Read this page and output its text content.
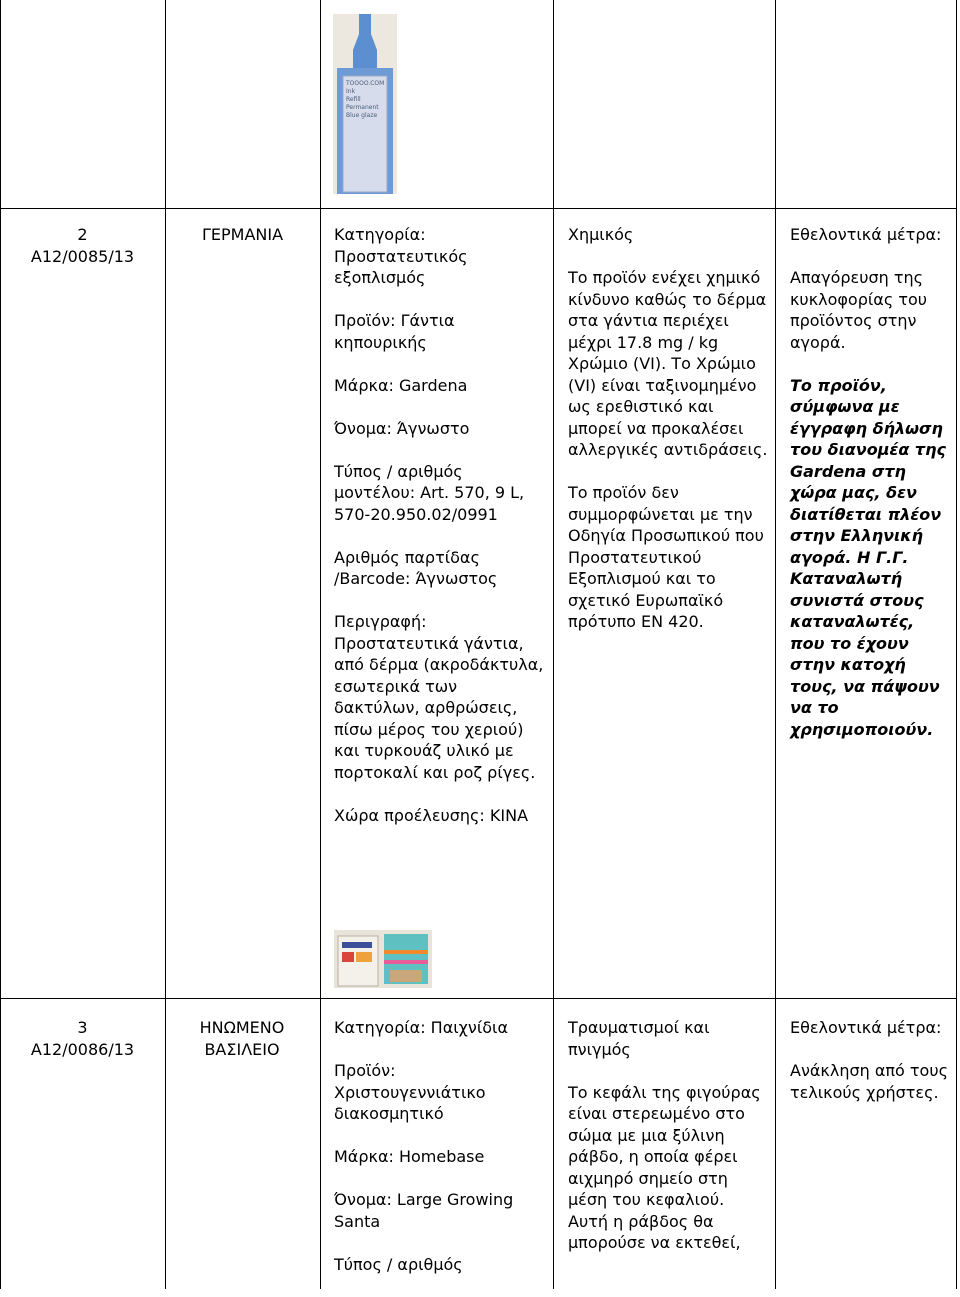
TOOOO.COM
Ink
Refill
Permanent
Blue glaze
2
A12/0085/13
ΓΕΡΜΑΝΙΑ	Κατηγορία: Προστατευτικός εξοπλισμός

Προϊόν: Γάντια κηπουρικής

Μάρκα: Gardena

Όνομα: Άγνωστο

Τύπος / αριθμός μοντέλου: Art. 570, 9 L, 570-20.950.02/0991

Αριθμός παρτίδας /Barcode: Άγνωστος

Περιγραφή: Προστατευτικά γάντια, από δέρμα (ακροδάκτυλα, εσωτερικά των δακτύλων, αρθρώσεις, πίσω μέρος του χεριού) και τυρκουάζ υλικό με πορτοκαλί και ροζ ρίγες.

Χώρα προέλευσης: ΚΙΝΑ

Χημικός

Το προϊόν ενέχει χημικό κίνδυνο καθώς το δέρμα στα γάντια περιέχει μέχρι 17.8 mg / kg Χρώμιο (VI). Το Χρώμιο (VI) είναι ταξινομημένο ως ερεθιστικό και μπορεί να προκαλέσει αλλεργικές αντιδράσεις.

Το προϊόν δεν συμμορφώνεται με την Οδηγία Προσωπικού που Προστατευτικού Εξοπλισμού και το σχετικό Ευρωπαϊκό πρότυπο EN 420.

Εθελοντικά μέτρα:

Απαγόρευση της κυκλοφορίας του προϊόντος στην αγορά.

Το προϊόν, σύμφωνα με έγγραφη δήλωση του διανομέα της Gardena στη χώρα μας, δεν διατίθεται πλέον στην Ελληνική αγορά. Η Γ.Γ. Καταναλωτή συνιστά στους καταναλωτές, που το έχουν στην κατοχή τους, να πάψουν να το χρησιμοποιούν.

3
A12/0086/13
ΗΝΩΜΕΝΟ ΒΑΣΙΛΕΙΟ

Κατηγορία: Παιχνίδια

Προϊόν: Χριστουγεννιάτικο διακοσμητικό

Μάρκα: Homebase

Όνομα: Large Growing Santa

Τύπος / αριθμός

Τραυματισμοί και πνιγμός

Το κεφάλι της φιγούρας είναι στερεωμένο στο σώμα με μια ξύλινη ράβδο, η οποία φέρει αιχμηρό σημείο στη μέση του κεφαλιού. Αυτή η ράβδος θα μπορούσε να εκτεθεί,

Εθελοντικά μέτρα:

Ανάκληση από τους τελικούς χρήστες.
